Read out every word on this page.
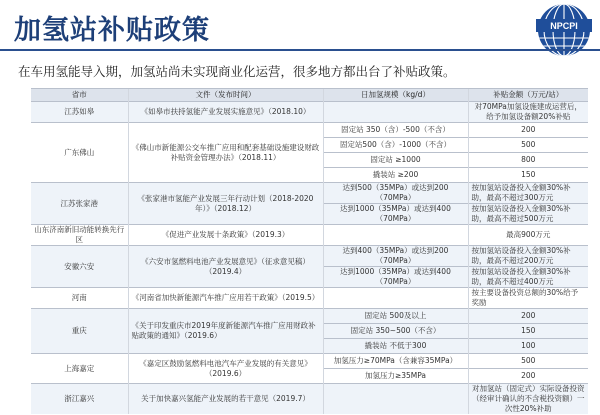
加氢站补贴政策	NPCPI
在车用氢能导入期，加氢站尚未实现商业化运营，很多地方都出台了补贴政策。
省市	文件（发布时间）	日加氢规模（kg/d）	补贴金额（万元/站）
江苏如皋	《如皋市扶持氢能产业发展实施意见》（2018.10）		对70MPa加氢设施建成运营后，给予加氢设备额20%补贴
广东佛山	《佛山市新能源公交车推广应用和配套基础设施建设财政补贴资金管理办法》（2018.11）	固定站 350（含）-500（不含）	200
		固定站500（含）-1000（不含）	500
		固定站 ≥1000	800
		撬装站 ≥200	150
江苏张家港	《张家港市氢能产业发展三年行动计划（2018-2020年）》（2018.12）	达到500（35MPa）或达到200（70MPa）	按加氢站设备投入金额30%补助，最高不超过300万元
		达到1000（35MPa）或达到400（70MPa）	按加氢站设备投入金额30%补助，最高不超过500万元
山东济南新旧动能转换先行区	《促进产业发展十条政策》（2019.3）		最高900万元
安徽六安	《六安市氢燃料电池产业发展意见》（征求意见稿）（2019.4）	达到400（35MPa）或达到200（70MPa）	按加氢站设备投入金额30%补助，最高不超过200万元
		达到1000（35MPa）或达到400（70MPa）	按加氢站设备投入金额30%补助，最高不超过400万元
河南	《河南省加快新能源汽车推广应用若干政策》（2019.5）		按主要设备投资总额的30%给予奖励
重庆	《关于印发重庆市2019年度新能源汽车推广应用财政补贴政策的通知》（2019.6）	固定站 500及以上	200
		固定站 350~500（不含）	150
		撬装站 不低于300	100
上海嘉定	《嘉定区鼓励氢燃料电池汽车产业发展的有关意见》（2019.6）	加氢压力≥70MPa（含兼容35MPa）	500
		加氢压力≥35MPa	200
浙江嘉兴	关于加快嘉兴氢能产业发展的若干意见（2019.7）		对加氢站（固定式）实际设备投资（经审计确认的不含税投资额）一次性20%补助
